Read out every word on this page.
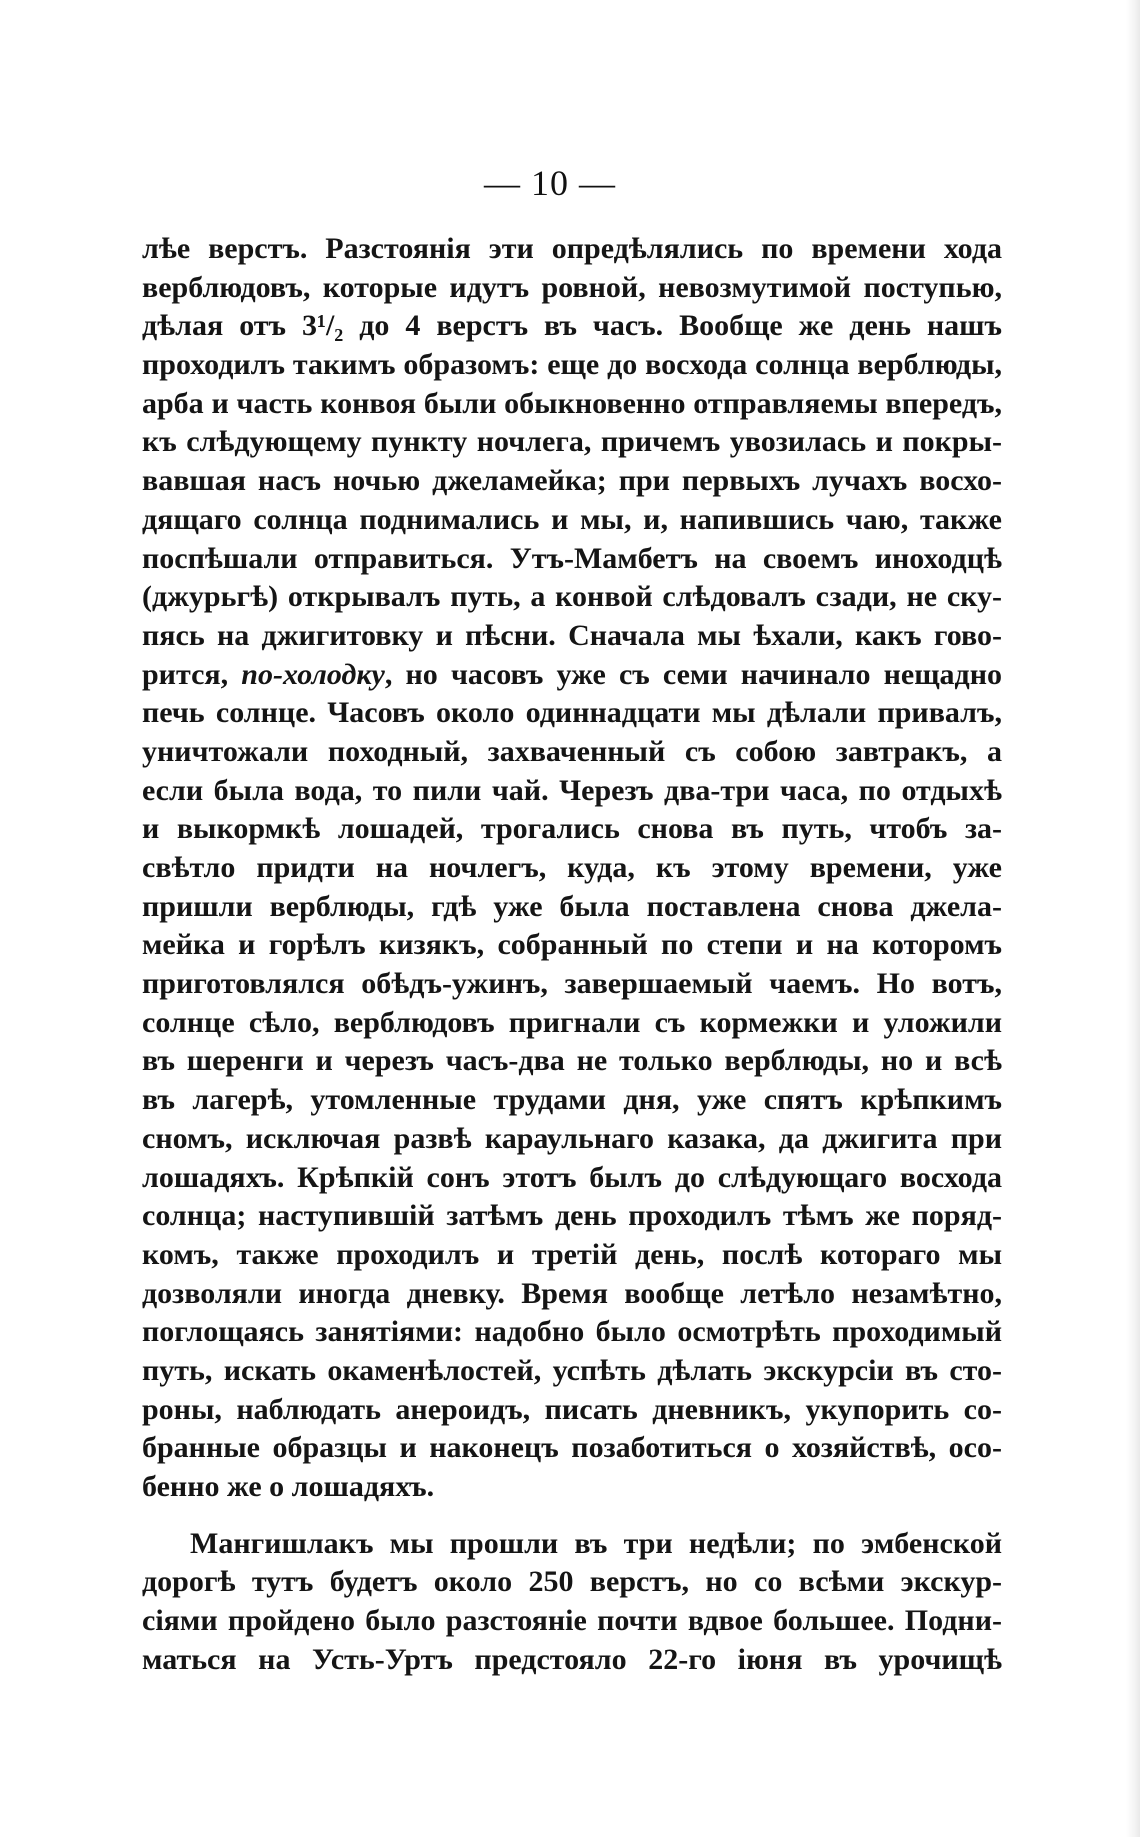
— 10 —
лѣе верстъ. Разстоянія эти опредѣлялись по времени хода
верблюдовъ, которые идутъ ровной, невозмутимой поступью,
дѣлая отъ 3¹/₂ до 4 верстъ въ часъ. Вообще же день нашъ
проходилъ такимъ образомъ: еще до восхода солнца верблюды,
арба и часть конвоя были обыкновенно отправляемы впередъ,
къ слѣдующему пункту ночлега, причемъ увозилась и покры-
вавшая насъ ночью джеламейка; при первыхъ лучахъ восхо-
дящаго солнца поднимались и мы, и, напившись чаю, также
поспѣшали отправиться. Утъ-Мамбетъ на своемъ иноходцѣ
(джурьгѣ) открывалъ путь, а конвой слѣдовалъ сзади, не ску-
пясь на джигитовку и пѣсни. Сначала мы ѣхали, какъ гово-
рится, по-холодку, но часовъ уже съ семи начинало нещадно
печь солнце. Часовъ около одиннадцати мы дѣлали привалъ,
уничтожали походный, захваченный съ собою завтракъ, а
если была вода, то пили чай. Черезъ два-три часа, по отдыхѣ
и выкормкѣ лошадей, трогались снова въ путь, чтобъ за-
свѣтло придти на ночлегъ, куда, къ этому времени, уже
пришли верблюды, гдѣ уже была поставлена снова джела-
мейка и горѣлъ кизякъ, собранный по степи и на которомъ
приготовлялся обѣдъ-ужинъ, завершаемый чаемъ. Но вотъ,
солнце сѣло, верблюдовъ пригнали съ кормежки и уложили
въ шеренги и черезъ часъ-два не только верблюды, но и всѣ
въ лагерѣ, утомленные трудами дня, уже спятъ крѣпкимъ
сномъ, исключая развѣ караульнаго казака, да джигита при
лошадяхъ. Крѣпкій сонъ этотъ былъ до слѣдующаго восхода
солнца; наступившій затѣмъ день проходилъ тѣмъ же поряд-
комъ, также проходилъ и третій день, послѣ котораго мы
дозволяли иногда дневку. Время вообще летѣло незамѣтно,
поглощаясь занятіями: надобно было осмотрѣть проходимый
путь, искать окаменѣлостей, успѣть дѣлать экскурсіи въ сто-
роны, наблюдать анероидъ, писать дневникъ, укупорить со-
бранные образцы и наконецъ позаботиться о хозяйствѣ, осо-
бенно же о лошадяхъ.
Мангишлакъ мы прошли въ три недѣли; по эмбенской
дорогѣ тутъ будетъ около 250 верстъ, но со всѣми экскур-
сіями пройдено было разстояніе почти вдвое большее. Подни-
маться на Усть-Уртъ предстояло 22-го іюня въ урочищѣ
